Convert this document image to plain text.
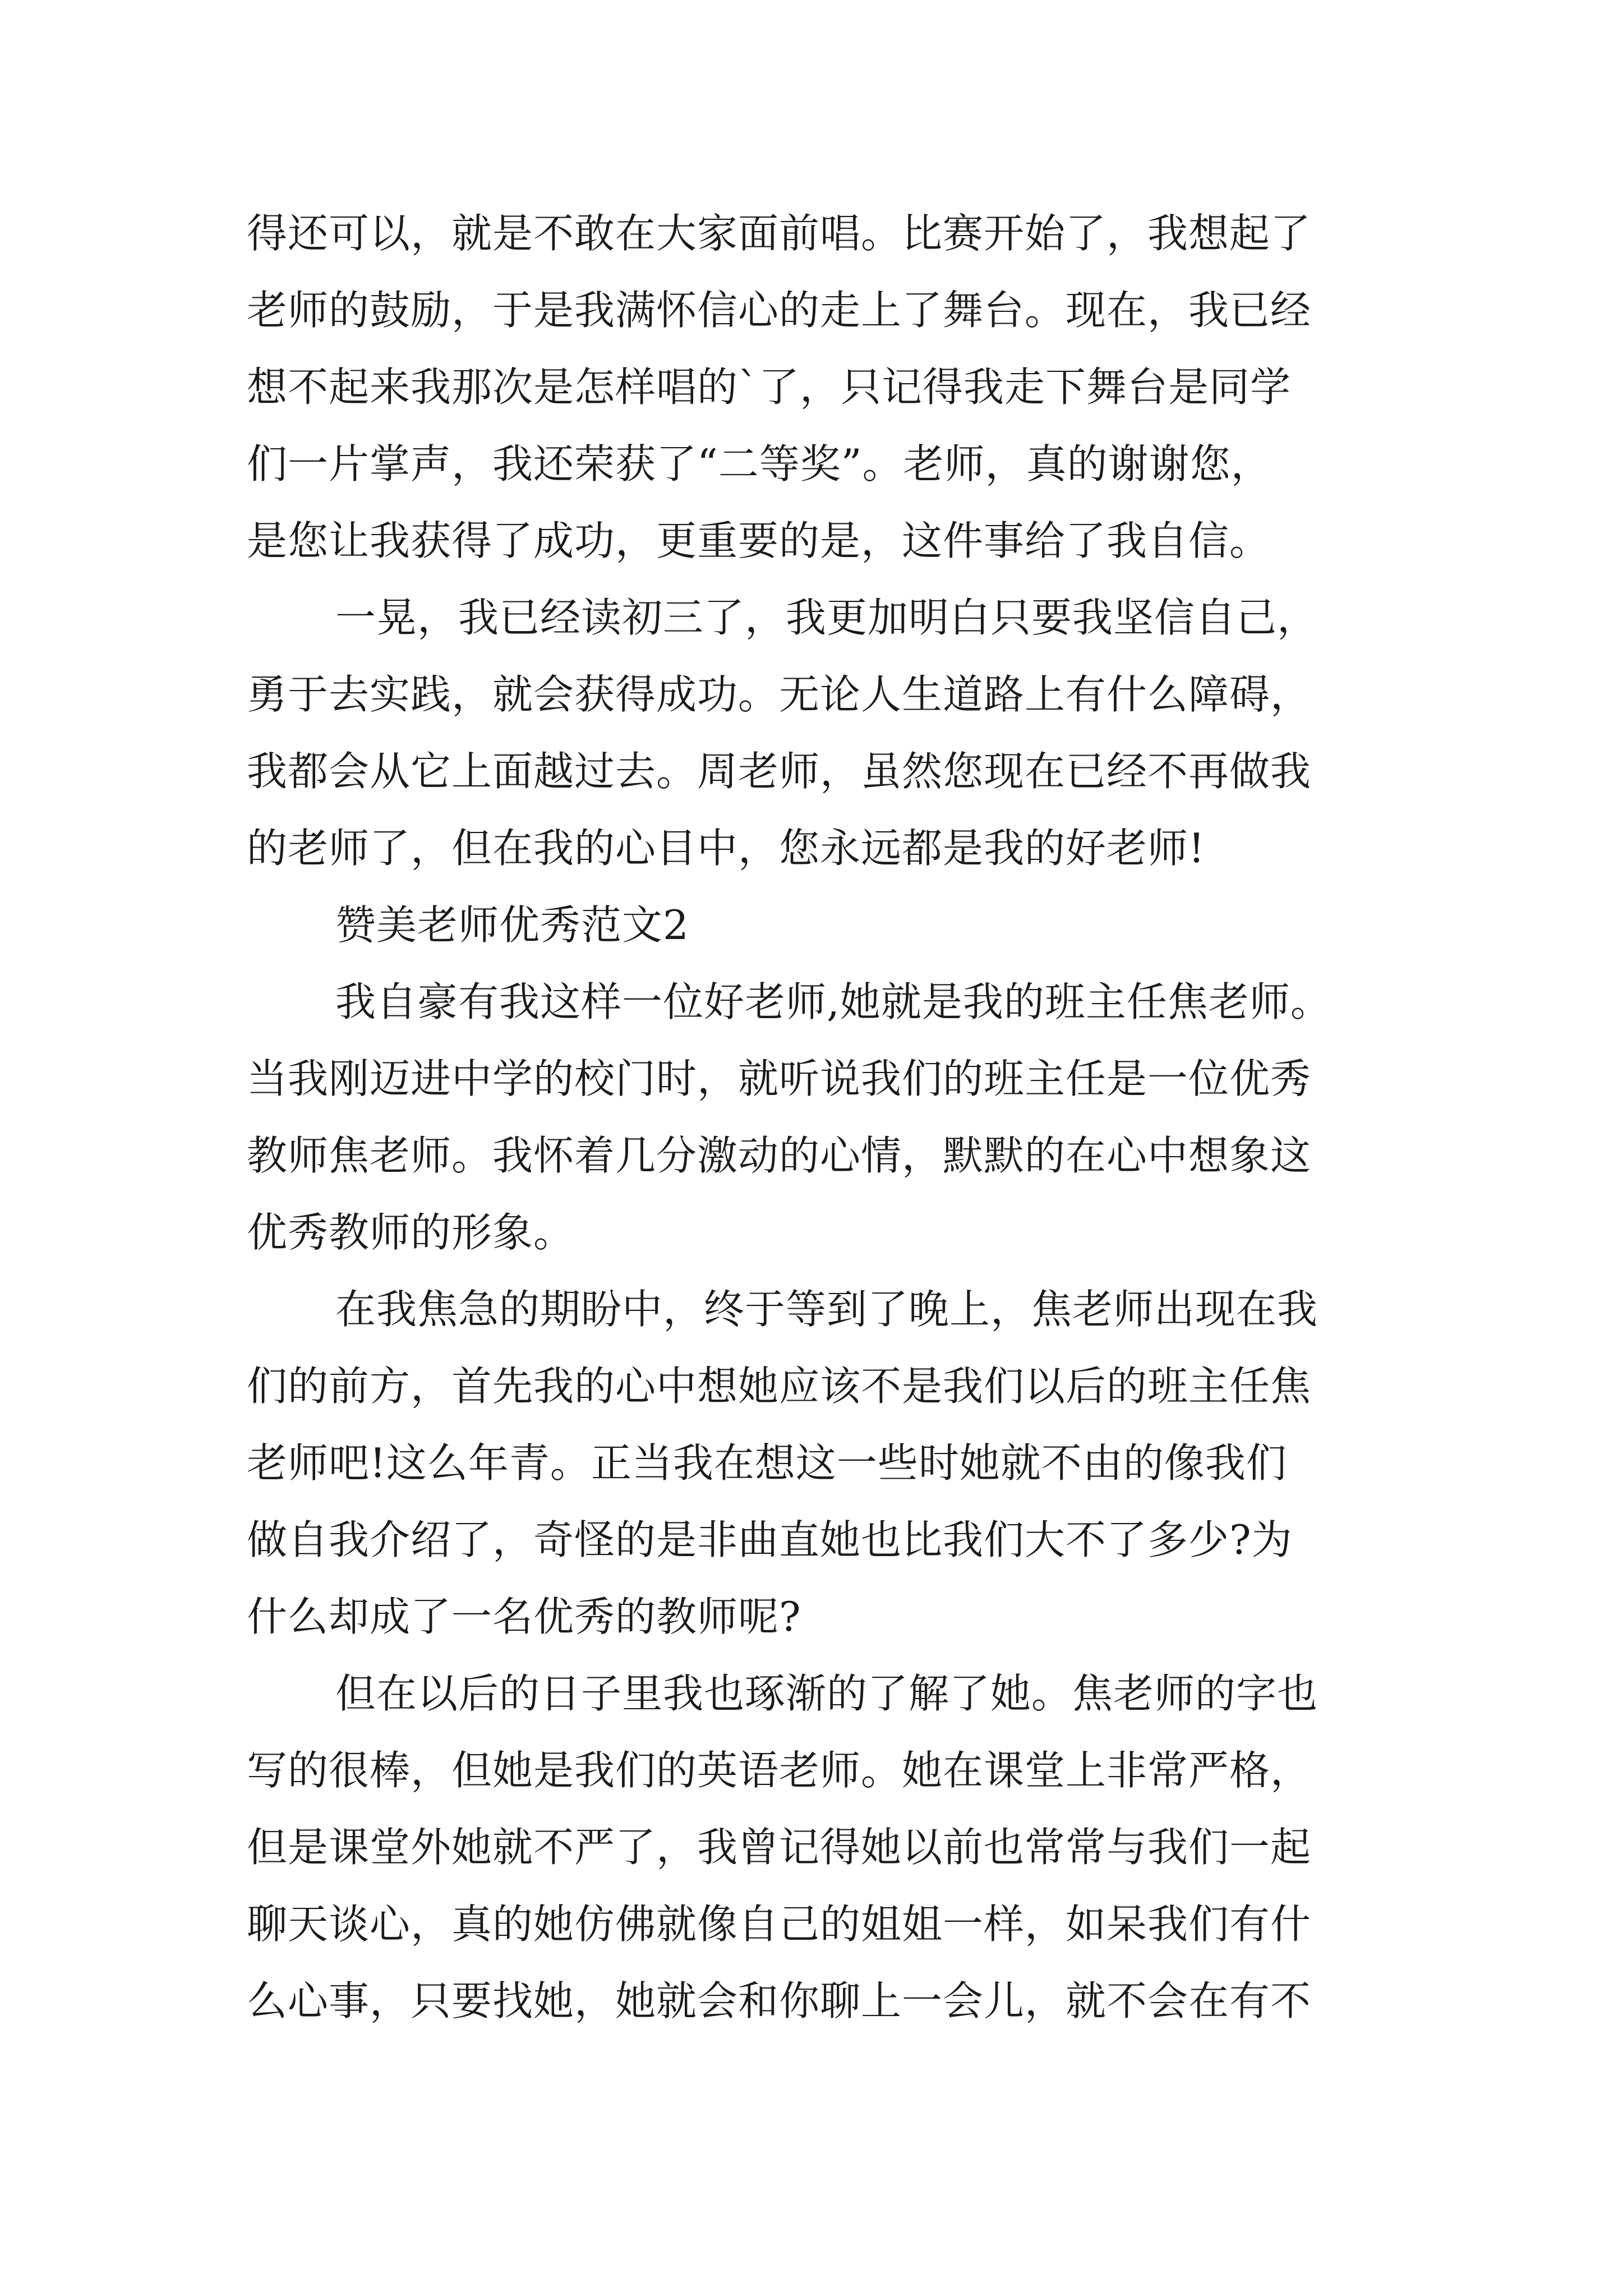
得还可以，就是不敢在大家面前唱。比赛开始了，我想起了
老师的鼓励，于是我满怀信心的走上了舞台。现在，我已经
想不起来我那次是怎样唱的`了，只记得我走下舞台是同学
们一片掌声，我还荣获了“二等奖”。老师，真的谢谢您，
是您让我获得了成功，更重要的是，这件事给了我自信。
一晃，我已经读初三了，我更加明白只要我坚信自己，
勇于去实践，就会获得成功。无论人生道路上有什么障碍，
我都会从它上面越过去。周老师，虽然您现在已经不再做我
的老师了，但在我的心目中，您永远都是我的好老师!
赞美老师优秀范文2
我自豪有我这样一位好老师,她就是我的班主任焦老师。
当我刚迈进中学的校门时，就听说我们的班主任是一位优秀
教师焦老师。我怀着几分激动的心情，默默的在心中想象这
优秀教师的形象。
在我焦急的期盼中，终于等到了晚上，焦老师出现在我
们的前方，首先我的心中想她应该不是我们以后的班主任焦
老师吧!这么年青。正当我在想这一些时她就不由的像我们
做自我介绍了，奇怪的是非曲直她也比我们大不了多少?为
什么却成了一名优秀的教师呢?
但在以后的日子里我也琢渐的了解了她。焦老师的字也
写的很棒，但她是我们的英语老师。她在课堂上非常严格，
但是课堂外她就不严了，我曾记得她以前也常常与我们一起
聊天谈心，真的她仿佛就像自己的姐姐一样，如呆我们有什
么心事，只要找她，她就会和你聊上一会儿，就不会在有不
